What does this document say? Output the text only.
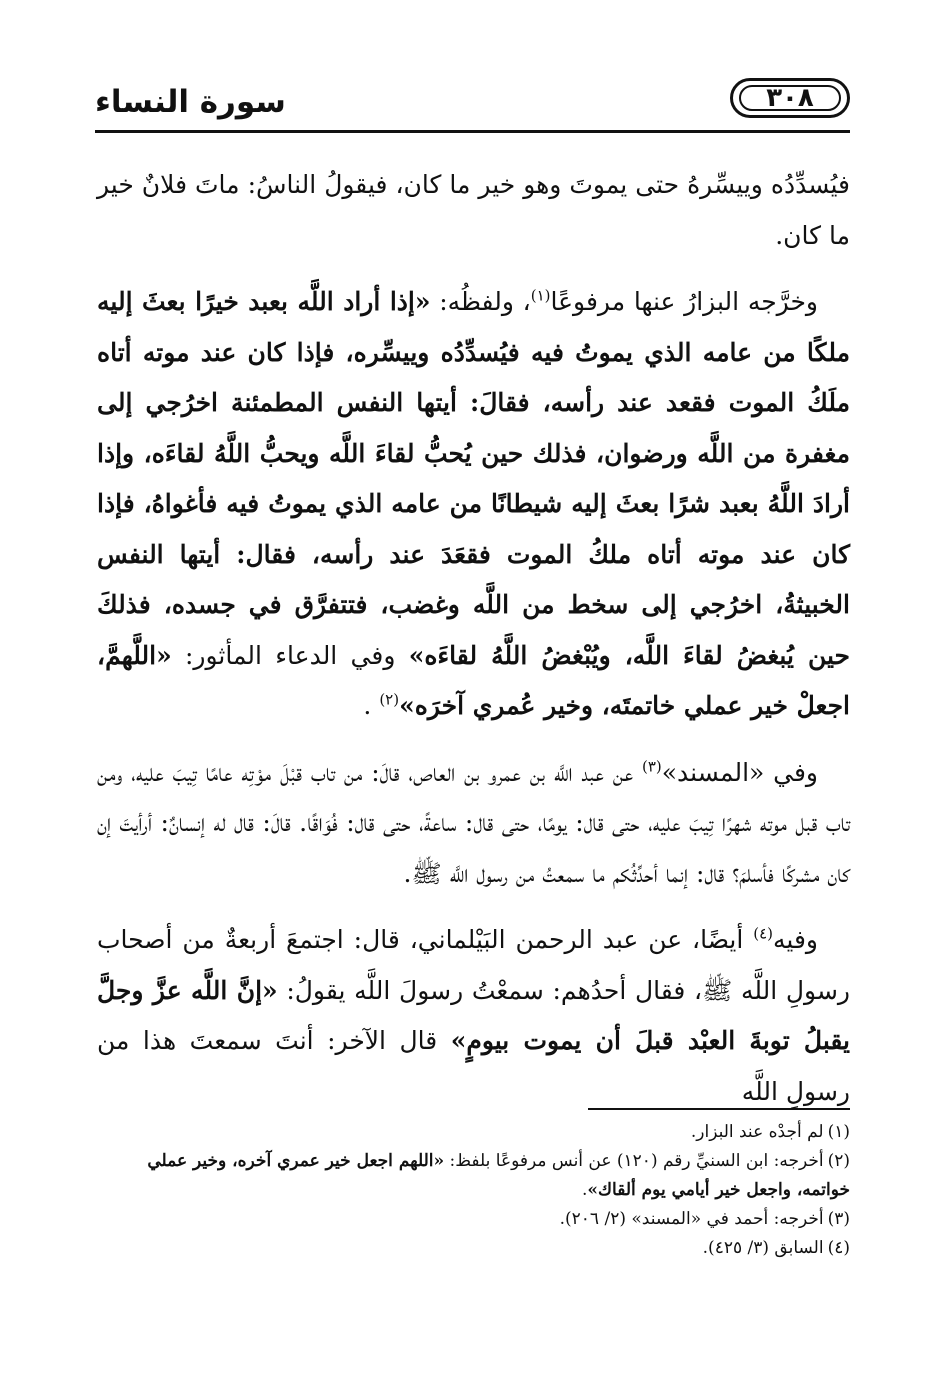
٣٠٨
سورة النساء

فيُسدِّدُه وييسِّرهُ حتى يموتَ وهو خير ما كان، فيقولُ الناسُ: ماتَ فلانٌ خير ما كان.

وخرَّجه البزارُ عنها مرفوعًا$^{(١)}$، ولفظُه: «إذا أراد اللَّه بعبد خيرًا بعثَ إليه ملكًا من عامه الذي يموتُ فيه فيُسدِّدُه وييسِّره، فإذا كان عند موته أتاه ملَكُ الموت فقعد عند رأسه، فقالَ: أيتها النفس المطمئنة اخرُجي إلى مغفرة من اللَّه ورضوان، فذلك حين يُحبُّ لقاءَ اللَّه ويحبُّ اللَّهُ لقاءَه، وإذا أرادَ اللَّهُ بعبد شرًا بعثَ إليه شيطانًا من عامه الذي يموتُ فيه فأغواهُ، فإذا كان عند موته أتاه ملكُ الموت فقعَدَ عند رأسه، فقال: أيتها النفس الخبيثةُ، اخرُجي إلى سخط من اللَّه وغضب، فتتفرَّق في جسده، فذلكَ حين يُبغضُ لقاءَ اللَّه، ويُبْغضُ اللَّهُ لقاءَه» وفي الدعاء المأثور: «اللَّهمَّ، اجعلْ خير عملي خاتمتَه، وخير عُمري آخرَه»$^{(٢)}$ .

وفي «المسند»$^{(٣)}$ عن عبد اللَّه بن عمرو بن العاص، قالَ: من تاب قبْلَ موْتِه عامًا تِيبَ عليه، ومن تاب قبل موته شهرًا تِيبَ عليه، حتى قال: يومًا، حتى قال: ساعةً، حتى قال: فُوَاقًا. قالَ: قال له إنسانٌ: أرأيتَ إن كان مشركًا فأسلمَ؟ قال: إنما أحدِّثُكم ما سمعتُ من رسول اللَّه ﷺ.

وفيه$^{(٤)}$ أيضًا، عن عبد الرحمن البَيْلماني، قال: اجتمعَ أربعةٌ من أصحاب رسولِ اللَّه ﷺ، فقال أحدُهم: سمعْتُ رسولَ اللَّه يقولُ: «إنَّ اللَّه عزَّ وجلَّ يقبلُ توبةَ العبْد قبلَ أن يموت بيومٍ» قال الآخر: أنتَ سمعتَ هذا من رسولِ اللَّه

(١)لم أجدْه عند البزار.

(٢)أخرجه: ابن السنيِّ رقم (١٢٠) عن أنس مرفوعًا بلفظ: «اللهم اجعل خير عمري آخره، وخير عملي خواتمه، واجعل خير أيامي يوم ألقاك».

(٣)أخرجه: أحمد في «المسند» (٢/ ٢٠٦).

(٤)السابق (٣/ ٤٢٥).
